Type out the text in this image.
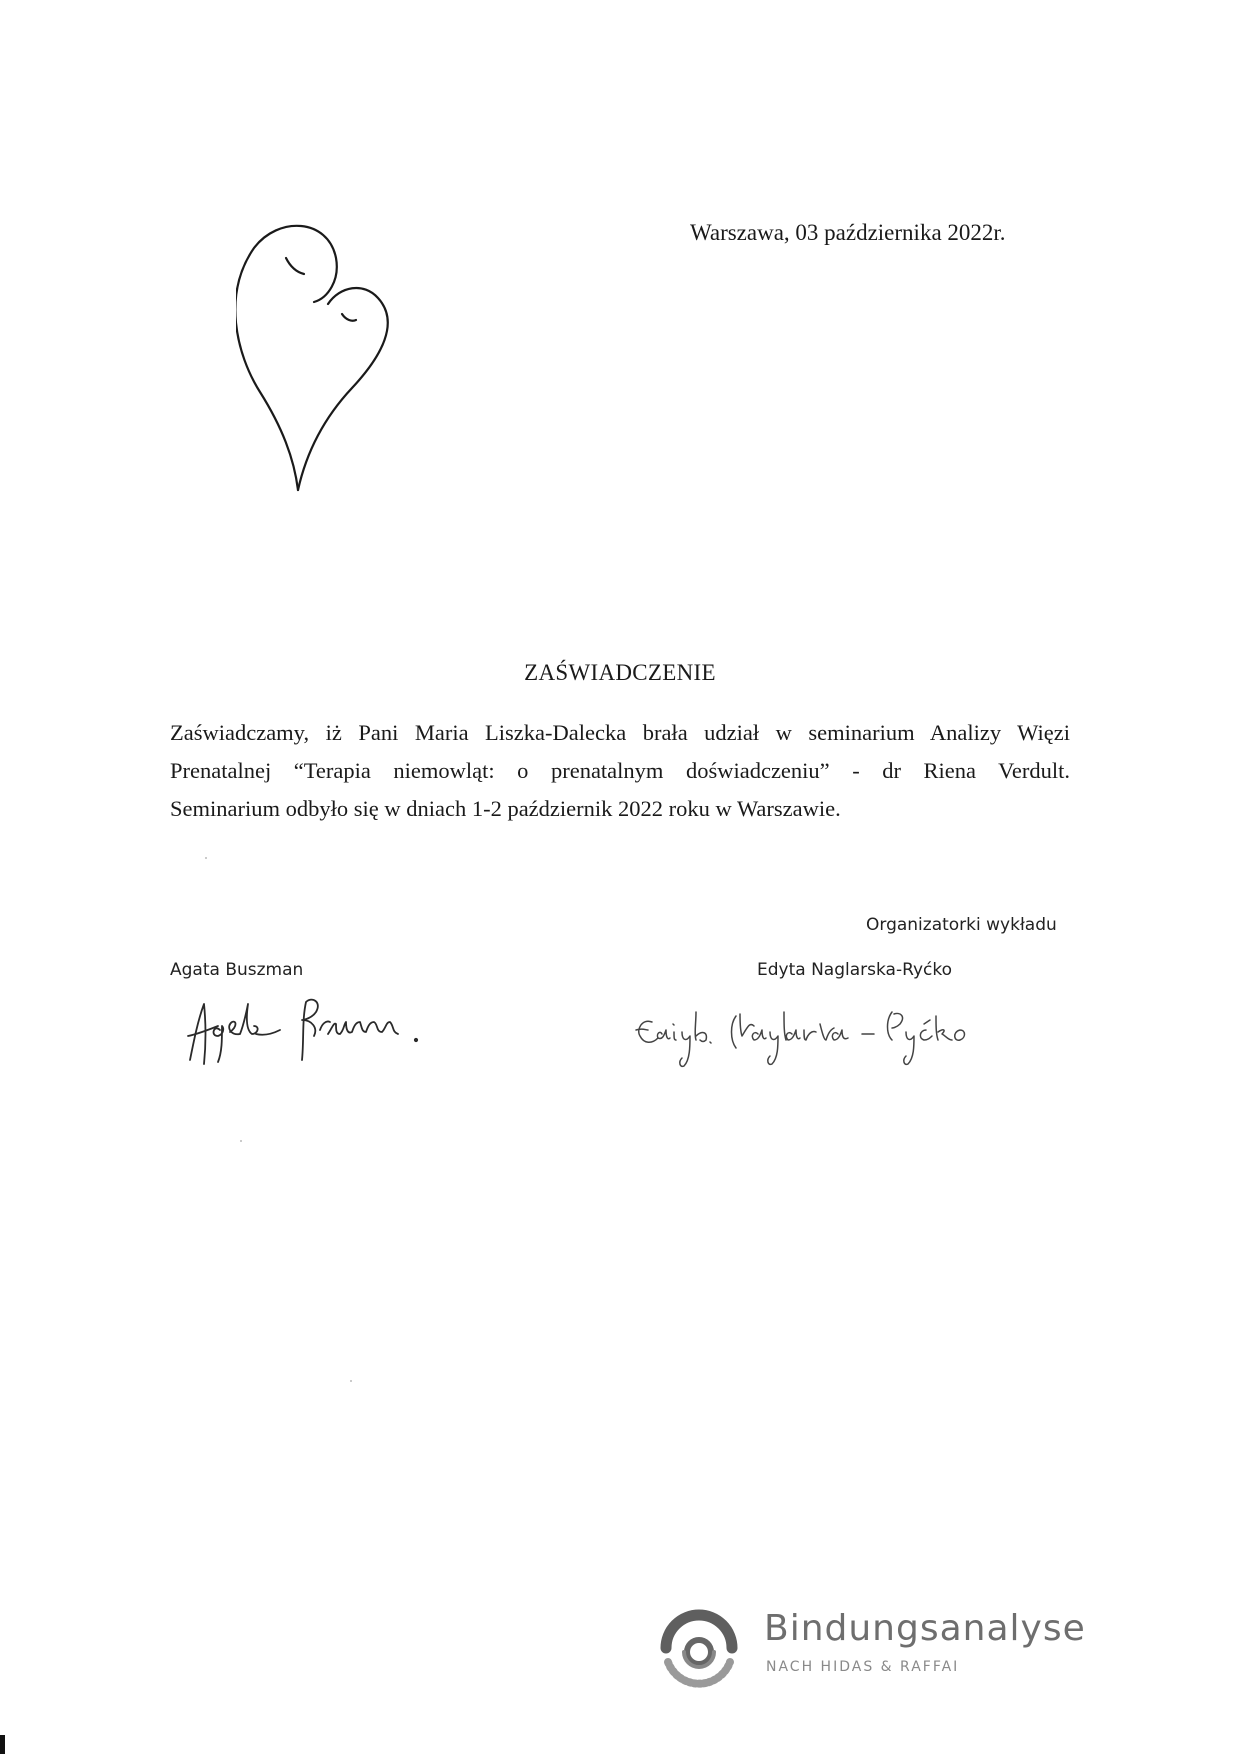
Warszawa, 03 października 2022r.
ZAŚWIADCZENIE
Zaświadczamy, iż Pani Maria Liszka-Dalecka brała udział w seminarium Analizy Więzi
Prenatalnej “Terapia niemowląt: o prenatalnym doświadczeniu” - dr Riena Verdult.
Seminarium odbyło się w dniach 1-2 październik 2022 roku w Warszawie.
Organizatorki wykładu
Agata Buszman	Edyta Naglarska-Ryćko
Bindungsanalyse
NACH HIDAS & RAFFAI
